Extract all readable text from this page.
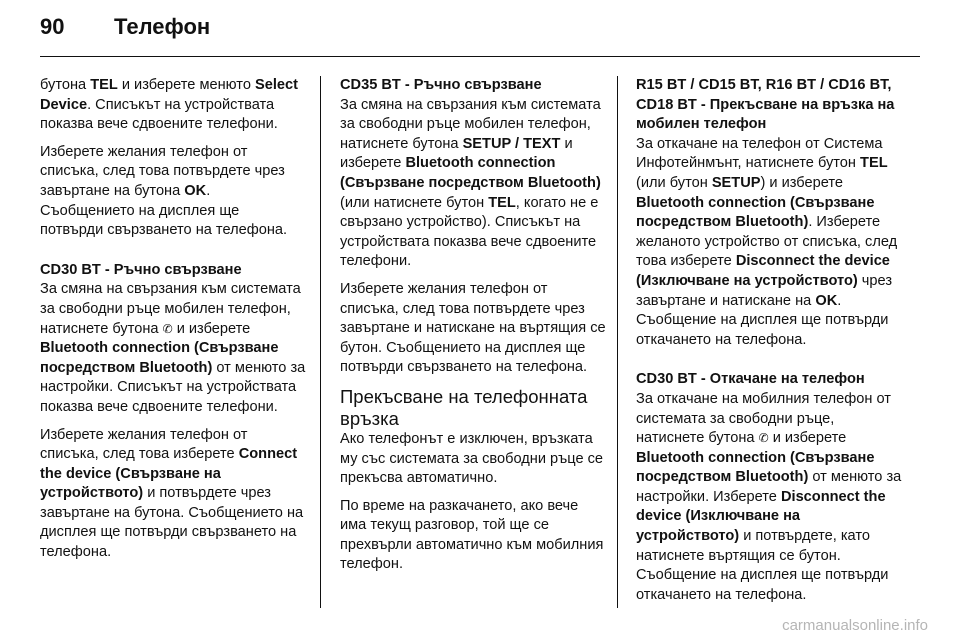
90 Телефон

бутона TEL и изберете менюто Select Device. Списъкът на устройствата показва вече сдвоените телефони.

Изберете желания телефон от списъка, след това потвърдете чрез завъртане на бутона OK. Съобщението на дисплея ще потвърди свързването на телефона.

CD30 BT - Ръчно свързване

За смяна на свързания към системата за свободни ръце мобилен телефон, натиснете бутона ✆ и изберете Bluetooth connection (Свързване посредством Bluetooth) от менюто за настройки. Списъкът на устройствата показва вече сдвоените телефони.

Изберете желания телефон от списъка, след това изберете Connect the device (Свързване на устройството) и потвърдете чрез завъртане на бутона. Съобщението на дисплея ще потвърди свързването на телефона.

CD35 BT - Ръчно свързване

За смяна на свързания към системата за свободни ръце мобилен телефон, натиснете бутона SETUP / TEXT и изберете Bluetooth connection (Свързване посредством Bluetooth) (или натиснете бутон TEL, когато не е свързано устройство). Списъкът на устройствата показва вече сдвоените телефони.

Изберете желания телефон от списъка, след това потвърдете чрез завъртане и натискане на въртящия се бутон. Съобщението на дисплея ще потвърди свързването на телефона.

Прекъсване на телефонната връзка

Ако телефонът е изключен, връзката му със системата за свободни ръце се прекъсва автоматично.

По време на разкачането, ако вече има текущ разговор, той ще се прехвърли автоматично към мобилния телефон.

R15 BT / CD15 BT, R16 BT / CD16 BT, CD18 BT - Прекъсване на връзка на мобилен телефон

За откачане на телефон от Система Инфотейнмънт, натиснете бутон TEL (или бутон SETUP) и изберете Bluetooth connection (Свързване посредством Bluetooth). Изберете желаното устройство от списъка, след това изберете Disconnect the device (Изключване на устройството) чрез завъртане и натискане на OK. Съобщение на дисплея ще потвърди откачането на телефона.

CD30 BT - Откачане на телефон

За откачане на мобилния телефон от системата за свободни ръце, натиснете бутона ✆ и изберете Bluetooth connection (Свързване посредством Bluetooth) от менюто за настройки. Изберете Disconnect the device (Изключване на устройството) и потвърдете, като натиснете въртящия се бутон. Съобщение на дисплея ще потвърди откачането на телефона.

carmanualsonline.info
